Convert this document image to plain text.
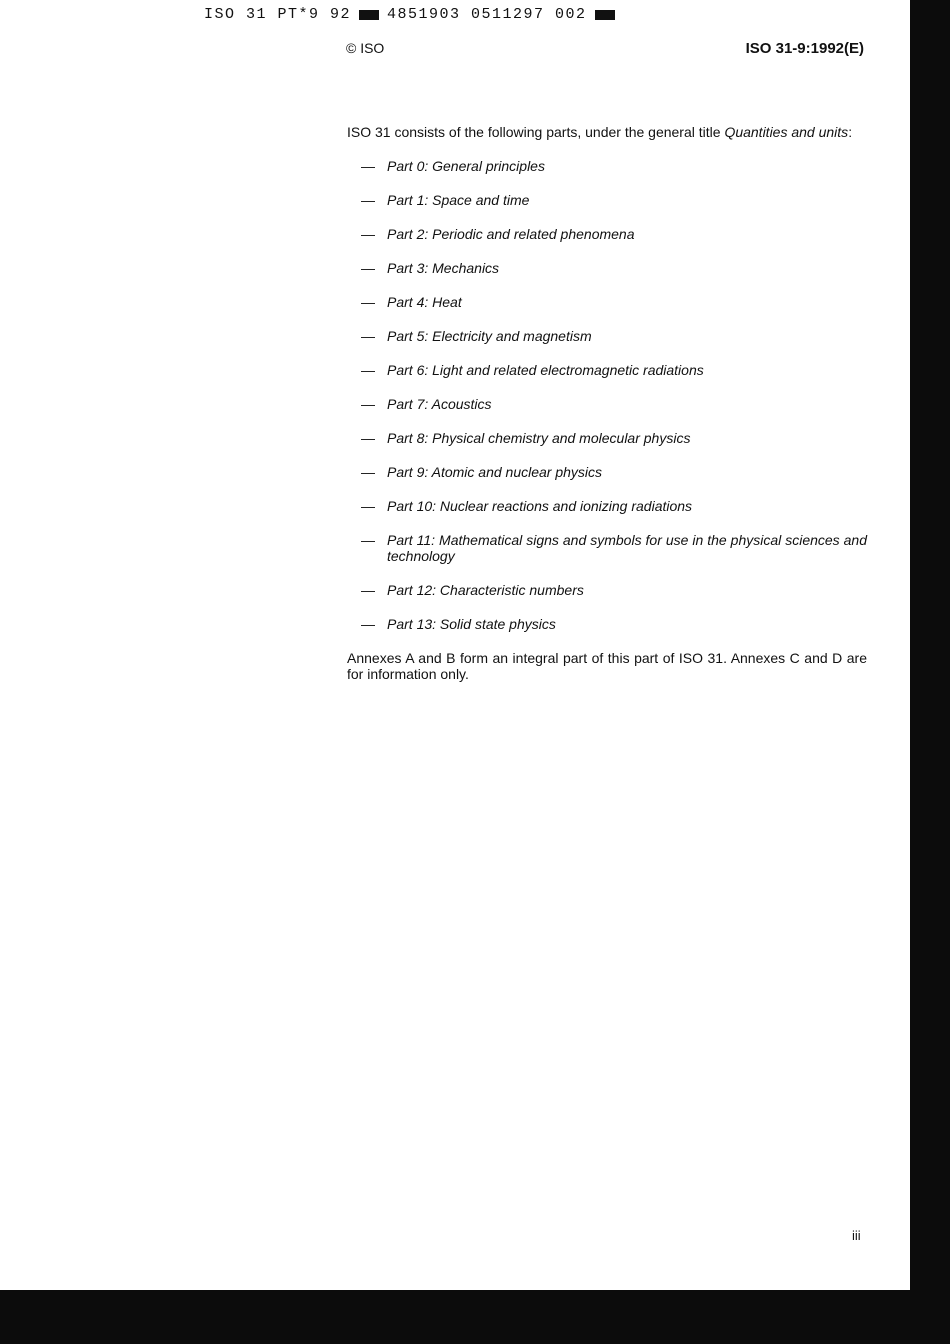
ISO 31 PT*9 92 4851903 0511297 002
© ISO	ISO 31-9:1992(E)

ISO 31 consists of the following parts, under the general title Quantities and units:

— Part 0: General principles
— Part 1: Space and time
— Part 2: Periodic and related phenomena
— Part 3: Mechanics
— Part 4: Heat
— Part 5: Electricity and magnetism
— Part 6: Light and related electromagnetic radiations
— Part 7: Acoustics
— Part 8: Physical chemistry and molecular physics
— Part 9: Atomic and nuclear physics
— Part 10: Nuclear reactions and ionizing radiations
— Part 11: Mathematical signs and symbols for use in the physical sciences and technology
— Part 12: Characteristic numbers
— Part 13: Solid state physics

Annexes A and B form an integral part of this part of ISO 31. Annexes C and D are for information only.

iii
